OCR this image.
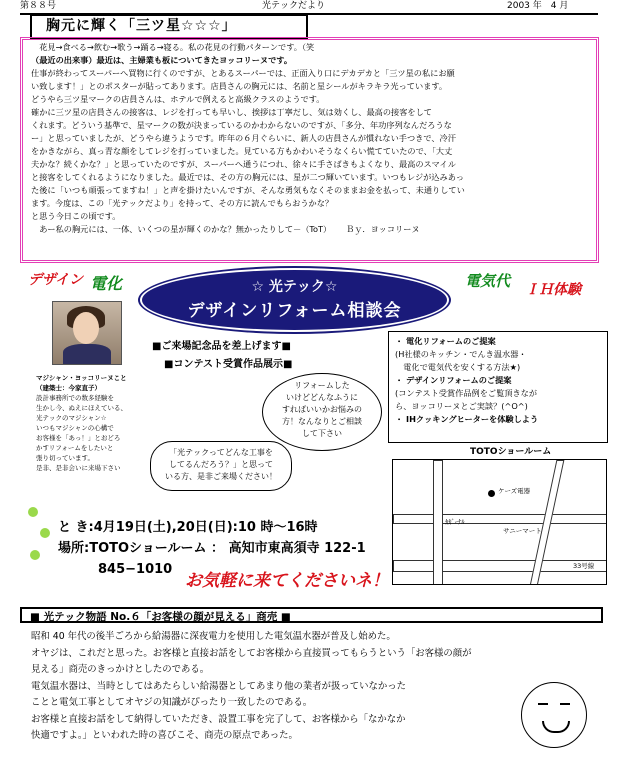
第８８号	光テックだより	2003 年　4 月
胸元に輝く「三ツ星☆☆☆」
　花見→食べる→飲む→歌う→踊る→寝る。私の花見の行動パターンです。（笑
（最近の出来事）最近は、主婦業も板についてきたヨッコリーヌです。
仕事が終わってスーパーへ買物に行くのですが、とあるスーパーでは、正面入り口にデカデカと「三ツ星の私にお願
い致します！」とのポスターが貼ってあります。店員さんの胸元には、名前と星シールがキラキラ光っています。
どうやら三ツ星マークの店員さんは、ホテルで例えると高級クラスのようです。
確かに三ツ星の店員さんの接客は、レジを打っても早いし、挨拶は丁寧だし、気は効くし、最高の接客をして
くれます。どういう基準で、星マークの数が決まっているのかわからないのですが、「多分、年功序列なんだろうな
ー」と思っていましたが、どうやら違うようです。昨年の６月ぐらいに、新人の店員さんが慣れない手つきで、冷汗
をかきながら、真っ青な顔をしてレジを打っていました。見ている方もかわいそうなくらい慌てていたので、「大丈
夫かな？続くかな？」と思っていたのですが、スーパーへ通うにつれ、徐々に手さばきもよくなり、最高のスマイル
と接客をしてくれるようになりました。最近では、その方の胸元には、星が二つ輝いています。いつもレジが込みあっ
た後に「いつも頑張ってますね！」と声を掛けたいんですが、そんな勇気もなくそのままお金を払って、未通りしてい
ます。今度は、この「光テックだより」を持って、その方に読んでもらおうかな？
と思う今日この頃です。
　あー私の胸元には、一体、いくつの星が輝くのかな？無かったりして－（ToT）　　 Ｂｙ．ヨッコリーヌ
デザイン 電化	電気代 ＩＨ体験
☆ 光テック☆
デザインリフォーム相談会
■ご来場記念品を差上げます■
■コンテスト受賞作品展示■
マジシャン・ヨッコリーヌこと
（建築士：今家直子）
設計事務所での数多経験を
生かし今、ぬえにほえている、
光テックのマジシャン☆
いつもマジシャンの心構で
お客様を「あっ！」とおどろ
かすリフォームをしたいと
張り切っています。
是非、是非会いに来場下さい
リフォームした
いけどどんなふうに
すればいいかお悩みの
方！なんなりとご相談
して下さい
「光テックってどんな工事を
してるんだろう？」と思って
いる方、是非ご来場ください！
・ 電化リフォームのご提案
(H社様のキッチン・でんき温水器・
　電化で電気代を安くする方法★)
・ デザインリフォームのご提案
(コンテスト受賞作品例をご覧頂きなが
ら、ヨッコリーヌとご実談？(^O^)
・ IHクッキングヒーターを体験しよう
TOTOショールーム
ケーズ電器
ｶｶﾞｰﾅﾙ
サニーマート
33号線
と き:4月19日(土),20日(日):10 時〜16時
場所:TOTOショールーム ： 高知市東高須寺 122-1
845−1010
お気軽に来てくださいネ！
■ 光テック物語 No.６「お客様の顔が見える」商売 ■
昭和 40 年代の後半ごろから給湯器に深夜電力を使用した電気温水器が普及し始めた。
オヤジは、これだと思った。お客様と直接お話をしてお客様から直接買ってもらうという「お客様の顔が
見える」商売のきっかけとしたのである。
電気温水器は、当時としてはあたらしい給湯器としてあまり他の業者が扱っていなかった
ことと電気工事としてオヤジの知識がぴったり一致したのである。
お客様と直接お話をして納得していただき、設置工事を完了して、お客様から「なかなか
快適ですよ。」といわれた時の喜びこそ、商売の原点であった。
